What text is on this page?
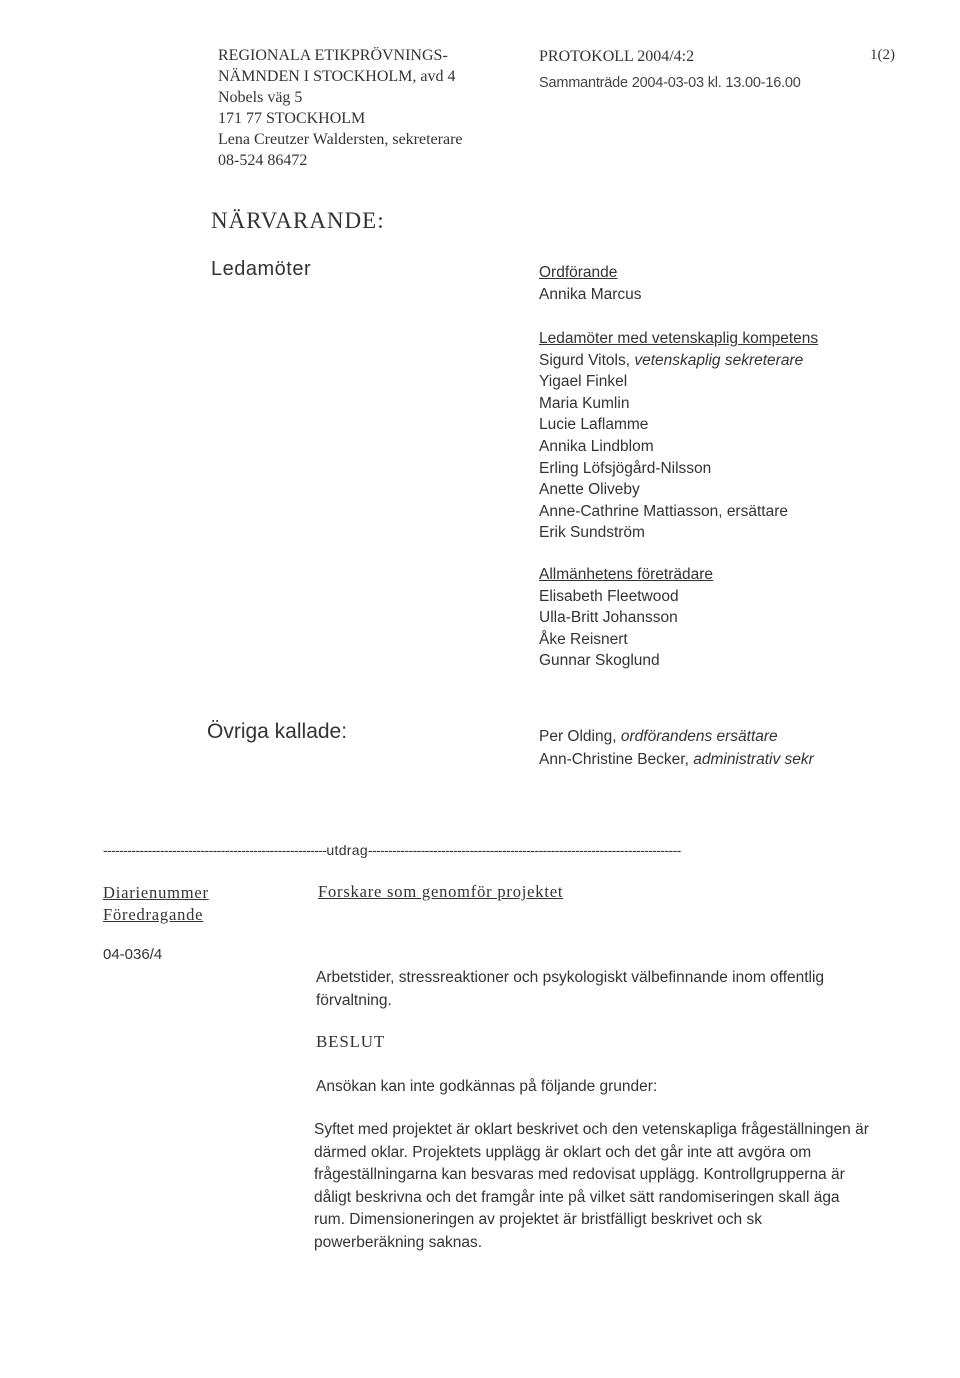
REGIONALA ETIKPRÖVNINGS-
NÄMNDEN I STOCKHOLM, avd 4
Nobels väg 5
171 77 STOCKHOLM
Lena Creutzer Waldersten, sekreterare
08-524 86472
PROTOKOLL 2004/4:2
Sammanträde 2004-03-03 kl. 13.00-16.00
1(2)
NÄRVARANDE:
Ledamöter	Ordförande
Annika Marcus
Ledamöter med vetenskaplig kompetens
Sigurd Vitols, vetenskaplig sekreterare
Yigael Finkel
Maria Kumlin
Lucie Laflamme
Annika Lindblom
Erling Löfsjögård-Nilsson
Anette Oliveby
Anne-Cathrine Mattiasson, ersättare
Erik Sundström
Allmänhetens företrädare
Elisabeth Fleetwood
Ulla-Britt Johansson
Åke Reisnert
Gunnar Skoglund
Övriga kallade:	Per Olding, ordförandens ersättare
Ann-Christine Becker, administrativ sekr
-------------------------------------------------------utdrag-----------------------------------------------------------------------------
Diarienummer
Föredragande
Forskare som genomför projektet
04-036/4
Arbetstider, stressreaktioner och psykologiskt välbefinnande inom offentlig förvaltning.
BESLUT
Ansökan kan inte godkännas på följande grunder:
Syftet med projektet är oklart beskrivet och den vetenskapliga frågeställningen är därmed oklar. Projektets upplägg är oklart och det går inte att avgöra om frågeställningarna kan besvaras med redovisat upplägg. Kontrollgrupperna är dåligt beskrivna och det framgår inte på vilket sätt randomiseringen skall äga rum. Dimensioneringen av projektet är bristfälligt beskrivet och sk powerberäkning saknas.
